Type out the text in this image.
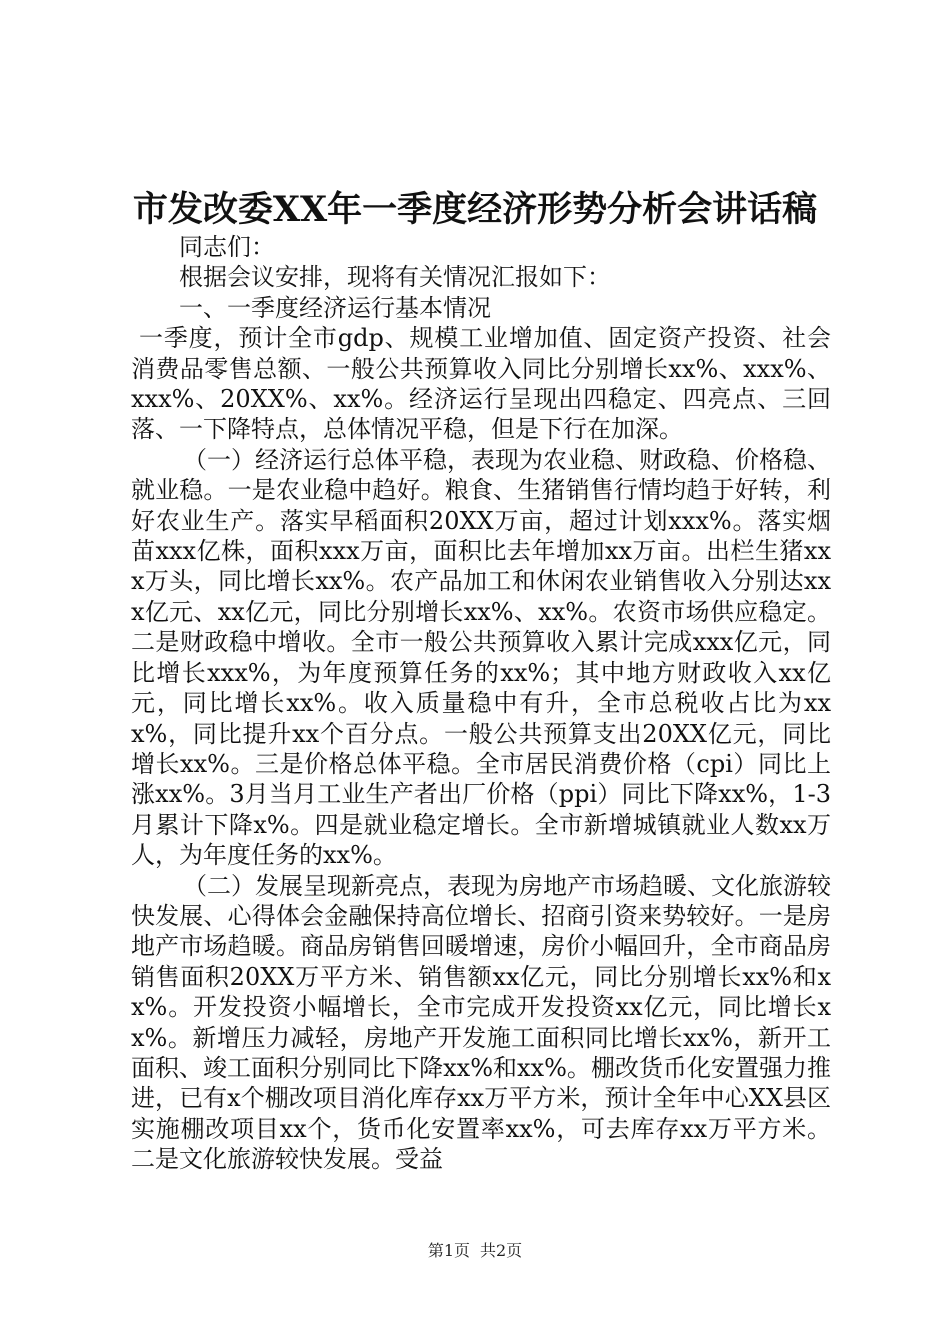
市发改委XX年一季度经济形势分析会讲话稿

同志们：

根据会议安排，现将有关情况汇报如下：

一、一季度经济运行基本情况

一季度，预计全市gdp、规模工业增加值、固定资产投资、社会消费品零售总额、一般公共预算收入同比分别增长xx%、xxx%、xxx%、20XX%、xx%。经济运行呈现出四稳定、四亮点、三回落、一下降特点，总体情况平稳，但是下行在加深。

（一）经济运行总体平稳，表现为农业稳、财政稳、价格稳、就业稳。一是农业稳中趋好。粮食、生猪销售行情均趋于好转，利好农业生产。落实早稻面积20XX万亩，超过计划xxx%。落实烟苗xxx亿株，面积xxx万亩，面积比去年增加xx万亩。出栏生猪xxx万头，同比增长xx%。农产品加工和休闲农业销售收入分别达xxx亿元、xx亿元，同比分别增长xx%、xx%。农资市场供应稳定。二是财政稳中增收。全市一般公共预算收入累计完成xxx亿元，同比增长xxx%，为年度预算任务的xx%；其中地方财政收入xx亿元，同比增长xx%。收入质量稳中有升，全市总税收占比为xxx%，同比提升xx个百分点。一般公共预算支出20XX亿元，同比增长xx%。三是价格总体平稳。全市居民消费价格（cpi）同比上涨xx%。3月当月工业生产者出厂价格（ppi）同比下降xx%，1-3月累计下降x%。四是就业稳定增长。全市新增城镇就业人数xx万人，为年度任务的xx%。

（二）发展呈现新亮点，表现为房地产市场趋暖、文化旅游较快发展、心得体会金融保持高位增长、招商引资来势较好。一是房地产市场趋暖。商品房销售回暖增速，房价小幅回升，全市商品房销售面积20XX万平方米、销售额xx亿元，同比分别增长xx%和xx%。开发投资小幅增长，全市完成开发投资xx亿元，同比增长xx%。新增压力减轻，房地产开发施工面积同比增长xx%，新开工面积、竣工面积分别同比下降xx%和xx%。棚改货币化安置强力推进，已有x个棚改项目消化库存xx万平方米，预计全年中心XX县区实施棚改项目xx个，货币化安置率xx%，可去库存xx万平方米。二是文化旅游较快发展。受益

第1页 共2页
